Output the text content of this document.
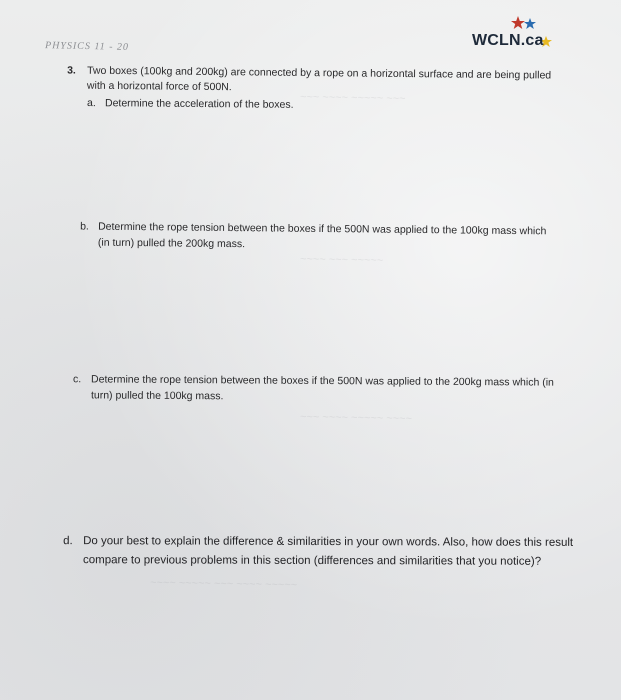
~~~ ~~~~ ~~~~~ ~~~
~~~~ ~~~ ~~~~~
~~~ ~~~~ ~~~~~ ~~~~
~~~~ ~~~~~ ~~~ ~~~~ ~~~~~
PHYSICS 11 - 20	WCLN.ca
3. Two boxes (100kg and 200kg) are connected by a rope on a horizontal surface and are being pulled with a horizontal force of 500N.
a. Determine the acceleration of the boxes.
b. Determine the rope tension between the boxes if the 500N was applied to the 100kg mass which (in turn) pulled the 200kg mass.
c. Determine the rope tension between the boxes if the 500N was applied to the 200kg mass which (in turn) pulled the 100kg mass.
d. Do your best to explain the difference & similarities in your own words. Also, how does this result compare to previous problems in this section (differences and similarities that you notice)?
